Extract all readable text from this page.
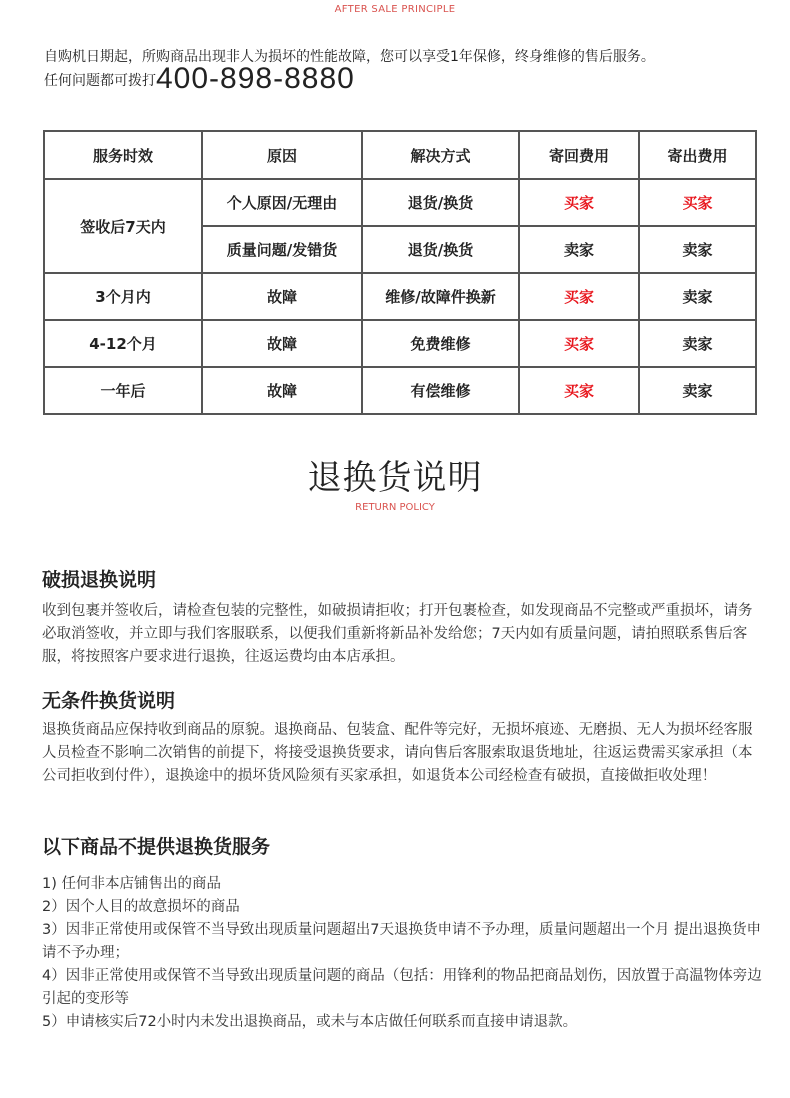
AFTER SALE PRINCIPLE
自购机日期起，所购商品出现非人为损坏的性能故障，您可以享受1年保修，终身维修的售后服务。
任何问题都可拨打400-898-8880
服务时效	原因	解决方式	寄回费用	寄出费用
签收后7天内	个人原因/无理由	退货/换货	买家	买家
	质量问题/发错货	退货/换货	卖家	卖家
3个月内	故障	维修/故障件换新	买家	卖家
4-12个月	故障	免费维修	买家	卖家
一年后	故障	有偿维修	买家	卖家
退换货说明
RETURN POLICY
破损退换说明

收到包裹并签收后，请检查包装的完整性，如破损请拒收；打开包裹检查，如发现商品不完整或严重损坏，请务必取消签收，并立即与我们客服联系，以便我们重新将新品补发给您；7天内如有质量问题，请拍照联系售后客服，将按照客户要求进行退换，往返运费均由本店承担。

无条件换货说明

退换货商品应保持收到商品的原貌。退换商品、包装盒、配件等完好，无损坏痕迹、无磨损、无人为损坏经客服人员检查不影响二次销售的前提下，将接受退换货要求，请向售后客服索取退货地址，往返运费需买家承担（本公司拒收到付件），退换途中的损坏货风险须有买家承担，如退货本公司经检查有破损，直接做拒收处理！

以下商品不提供退换货服务
1) 任何非本店铺售出的商品
2）因个人目的故意损坏的商品
3）因非正常使用或保管不当导致出现质量问题超出7天退换货申请不予办理，质量问题超出一个月 提出退换货申请不予办理；
4）因非正常使用或保管不当导致出现质量问题的商品（包括：用锋利的物品把商品划伤，因放置于高温物体旁边引起的变形等
5）申请核实后72小时内未发出退换商品，或未与本店做任何联系而直接申请退款。
